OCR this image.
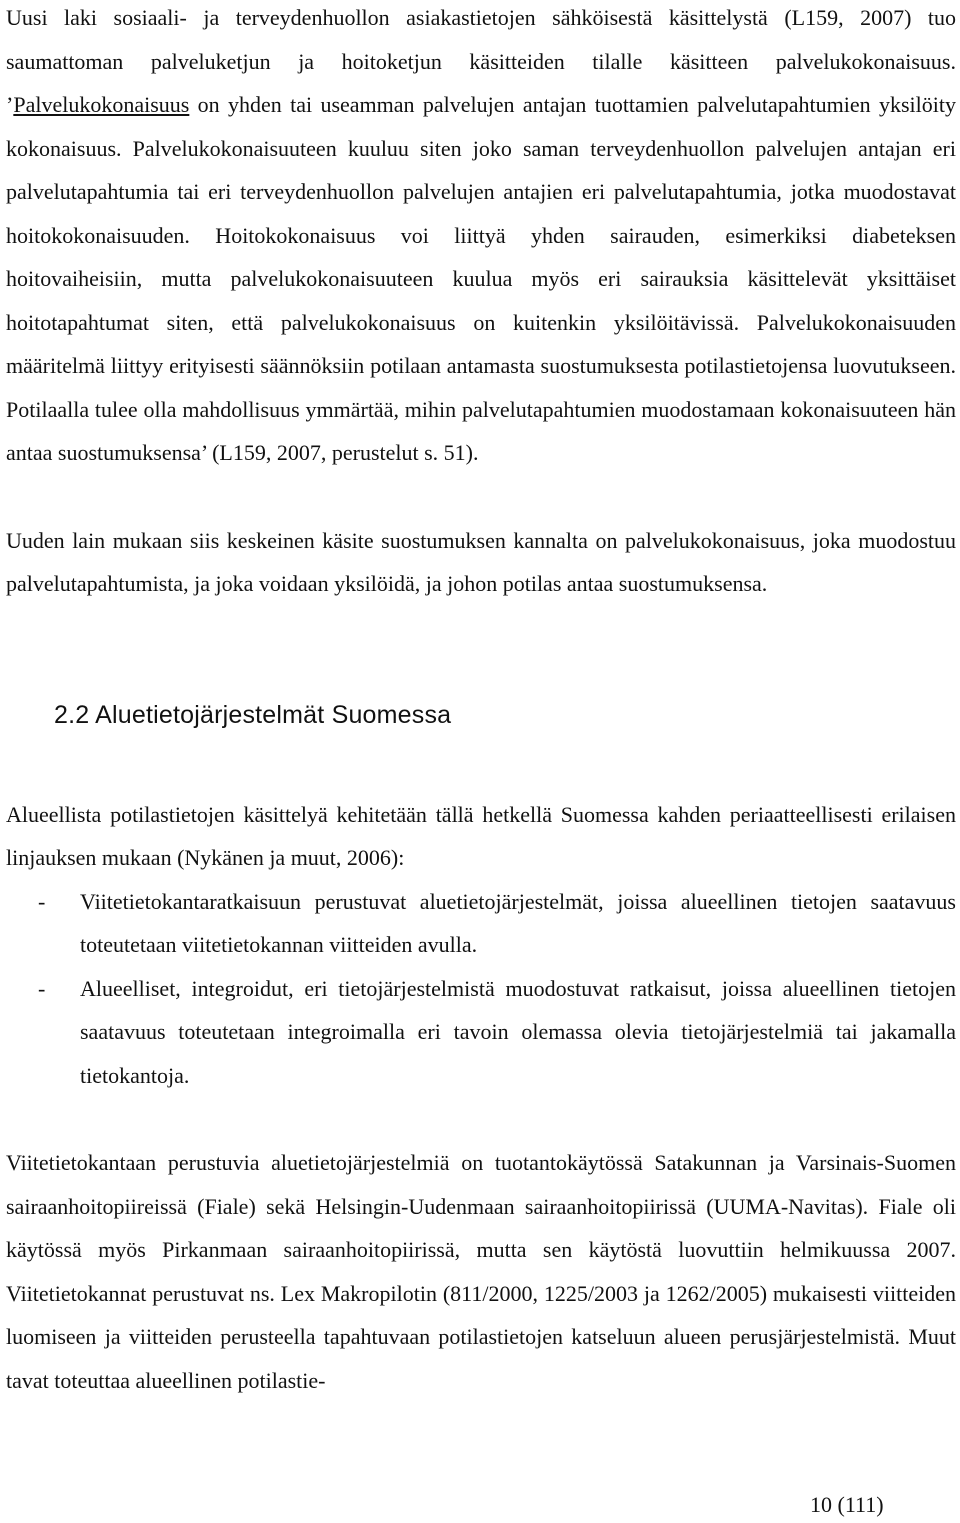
Uusi laki sosiaali- ja terveydenhuollon asiakastietojen sähköisestä käsittelystä (L159, 2007) tuo saumattoman palveluketjun ja hoitoketjun käsitteiden tilalle käsitteen palvelukokonaisuus. ’Palvelukokonaisuus on yhden tai useamman palvelujen antajan tuottamien palvelutapahtumien yksilöity kokonaisuus. Palvelukokonaisuuteen kuuluu siten joko saman terveydenhuollon palvelujen antajan eri palvelutapahtumia tai eri terveydenhuollon palvelujen antajien eri palvelutapahtumia, jotka muodostavat hoitokokonaisuuden. Hoitokokonaisuus voi liittyä yhden sairauden, esimerkiksi diabeteksen hoitovaiheisiin, mutta palvelukokonaisuuteen kuulua myös eri sairauksia käsittelevät yksittäiset hoitotapahtumat siten, että palvelukokonaisuus on kuitenkin yksilöitävissä. Palvelukokonaisuuden määritelmä liittyy erityisesti säännöksiin potilaan antamasta suostumuksesta potilastietojensa luovutukseen. Potilaalla tulee olla mahdollisuus ymmärtää, mihin palvelutapahtumien muodostamaan kokonaisuuteen hän antaa suostumuksensa’ (L159, 2007, perustelut s. 51).

Uuden lain mukaan siis keskeinen käsite suostumuksen kannalta on palvelukokonaisuus, joka muodostuu palvelutapahtumista, ja joka voidaan yksilöidä, ja johon potilas antaa suostumuksensa.

2.2 Aluetietojärjestelmät Suomessa

Alueellista potilastietojen käsittelyä kehitetään tällä hetkellä Suomessa kahden periaatteellisesti erilaisen linjauksen mukaan (Nykänen ja muut, 2006):

- Viitetietokantaratkaisuun perustuvat aluetietojärjestelmät, joissa alueellinen tietojen saatavuus toteutetaan viitetietokannan viitteiden avulla.
- Alueelliset, integroidut, eri tietojärjestelmistä muodostuvat ratkaisut, joissa alueellinen tietojen saatavuus toteutetaan integroimalla eri tavoin olemassa olevia tietojärjestelmiä tai jakamalla tietokantoja.

Viitetietokantaan perustuvia aluetietojärjestelmiä on tuotantokäytössä Satakunnan ja Varsinais-Suomen sairaanhoitopiireissä (Fiale) sekä Helsingin-Uudenmaan sairaanhoitopiirissä (UUMA-Navitas). Fiale oli käytössä myös Pirkanmaan sairaanhoitopiirissä, mutta sen käytöstä luovuttiin helmikuussa 2007. Viitetietokannat perustuvat ns. Lex Makropilotin (811/2000, 1225/2003 ja 1262/2005) mukaisesti viitteiden luomiseen ja viitteiden perusteella tapahtuvaan potilastietojen katseluun alueen perusjärjestelmistä. Muut tavat toteuttaa alueellinen potilastie-

10 (111)
